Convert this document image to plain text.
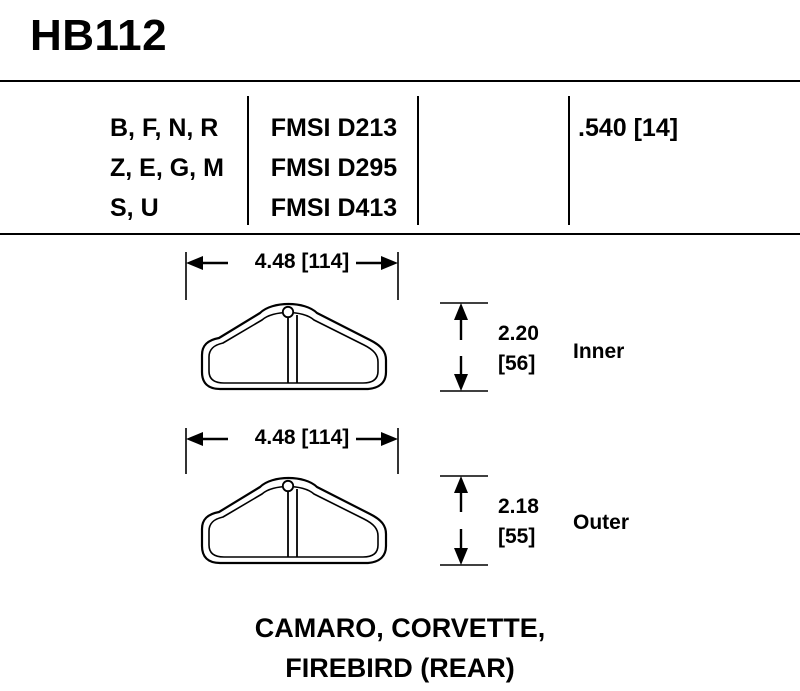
HB112
B, F, N, R
Z, E, G, M
S, U
FMSI D213
FMSI D295
FMSI D413
.540 [14]
4.48 [114]
4.48 [114]
2.20
[56]
2.18
[55]
Inner
Outer
CAMARO, CORVETTE,
FIREBIRD (REAR)
